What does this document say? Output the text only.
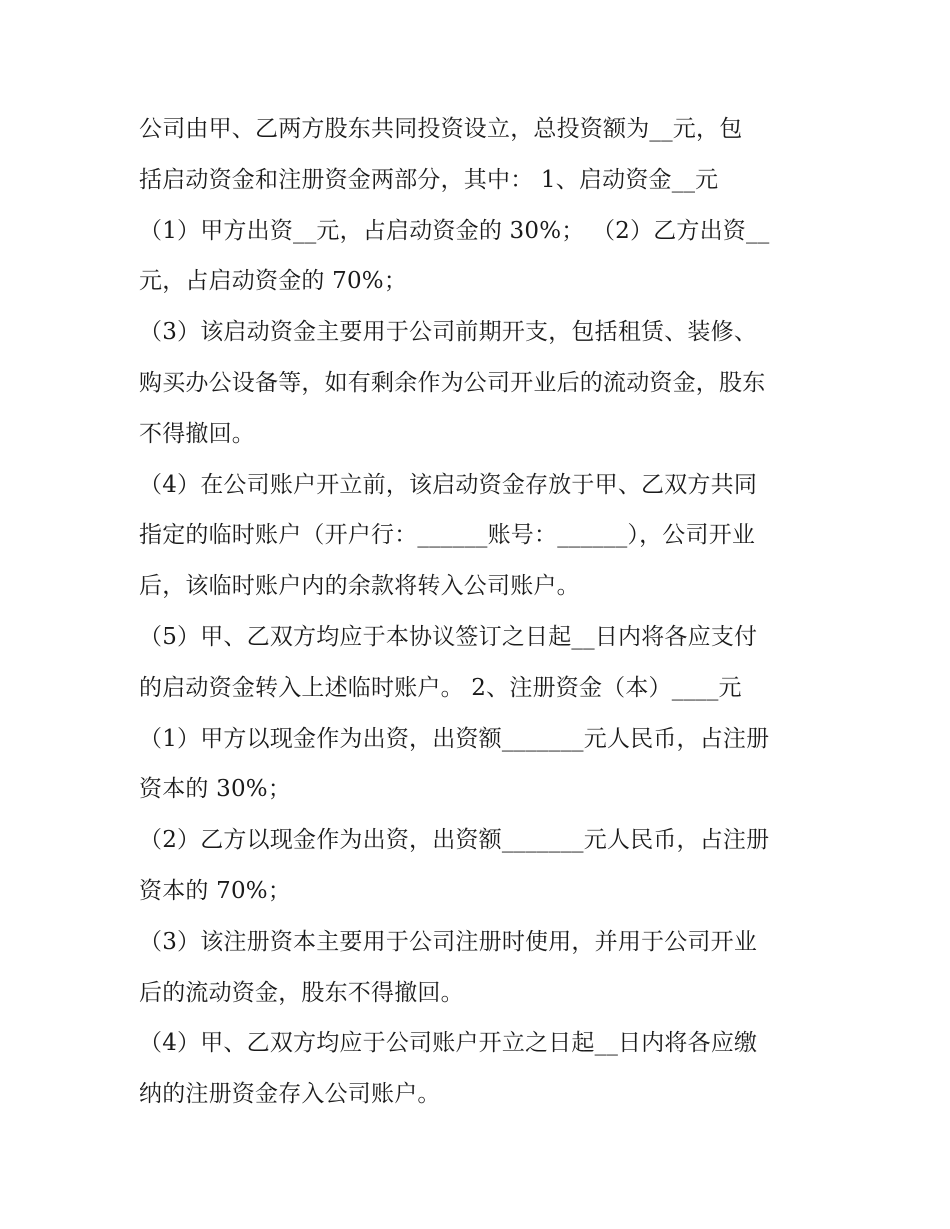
公司由甲、乙两方股东共同投资设立，总投资额为__元，包
括启动资金和注册资金两部分，其中： 1、启动资金__元
（1）甲方出资__元，占启动资金的 30%； （2）乙方出资__
元，占启动资金的 70%；
（3）该启动资金主要用于公司前期开支，包括租赁、装修、
购买办公设备等，如有剩余作为公司开业后的流动资金，股东
不得撤回。
（4）在公司账户开立前，该启动资金存放于甲、乙双方共同
指定的临时账户（开户行：______账号：______），公司开业
后，该临时账户内的余款将转入公司账户。
（5）甲、乙双方均应于本协议签订之日起__日内将各应支付
的启动资金转入上述临时账户。 2、注册资金（本）____元
（1）甲方以现金作为出资，出资额_______元人民币，占注册
资本的 30%；
（2）乙方以现金作为出资，出资额_______元人民币，占注册
资本的 70%；
（3）该注册资本主要用于公司注册时使用，并用于公司开业
后的流动资金，股东不得撤回。
（4）甲、乙双方均应于公司账户开立之日起__日内将各应缴
纳的注册资金存入公司账户。
